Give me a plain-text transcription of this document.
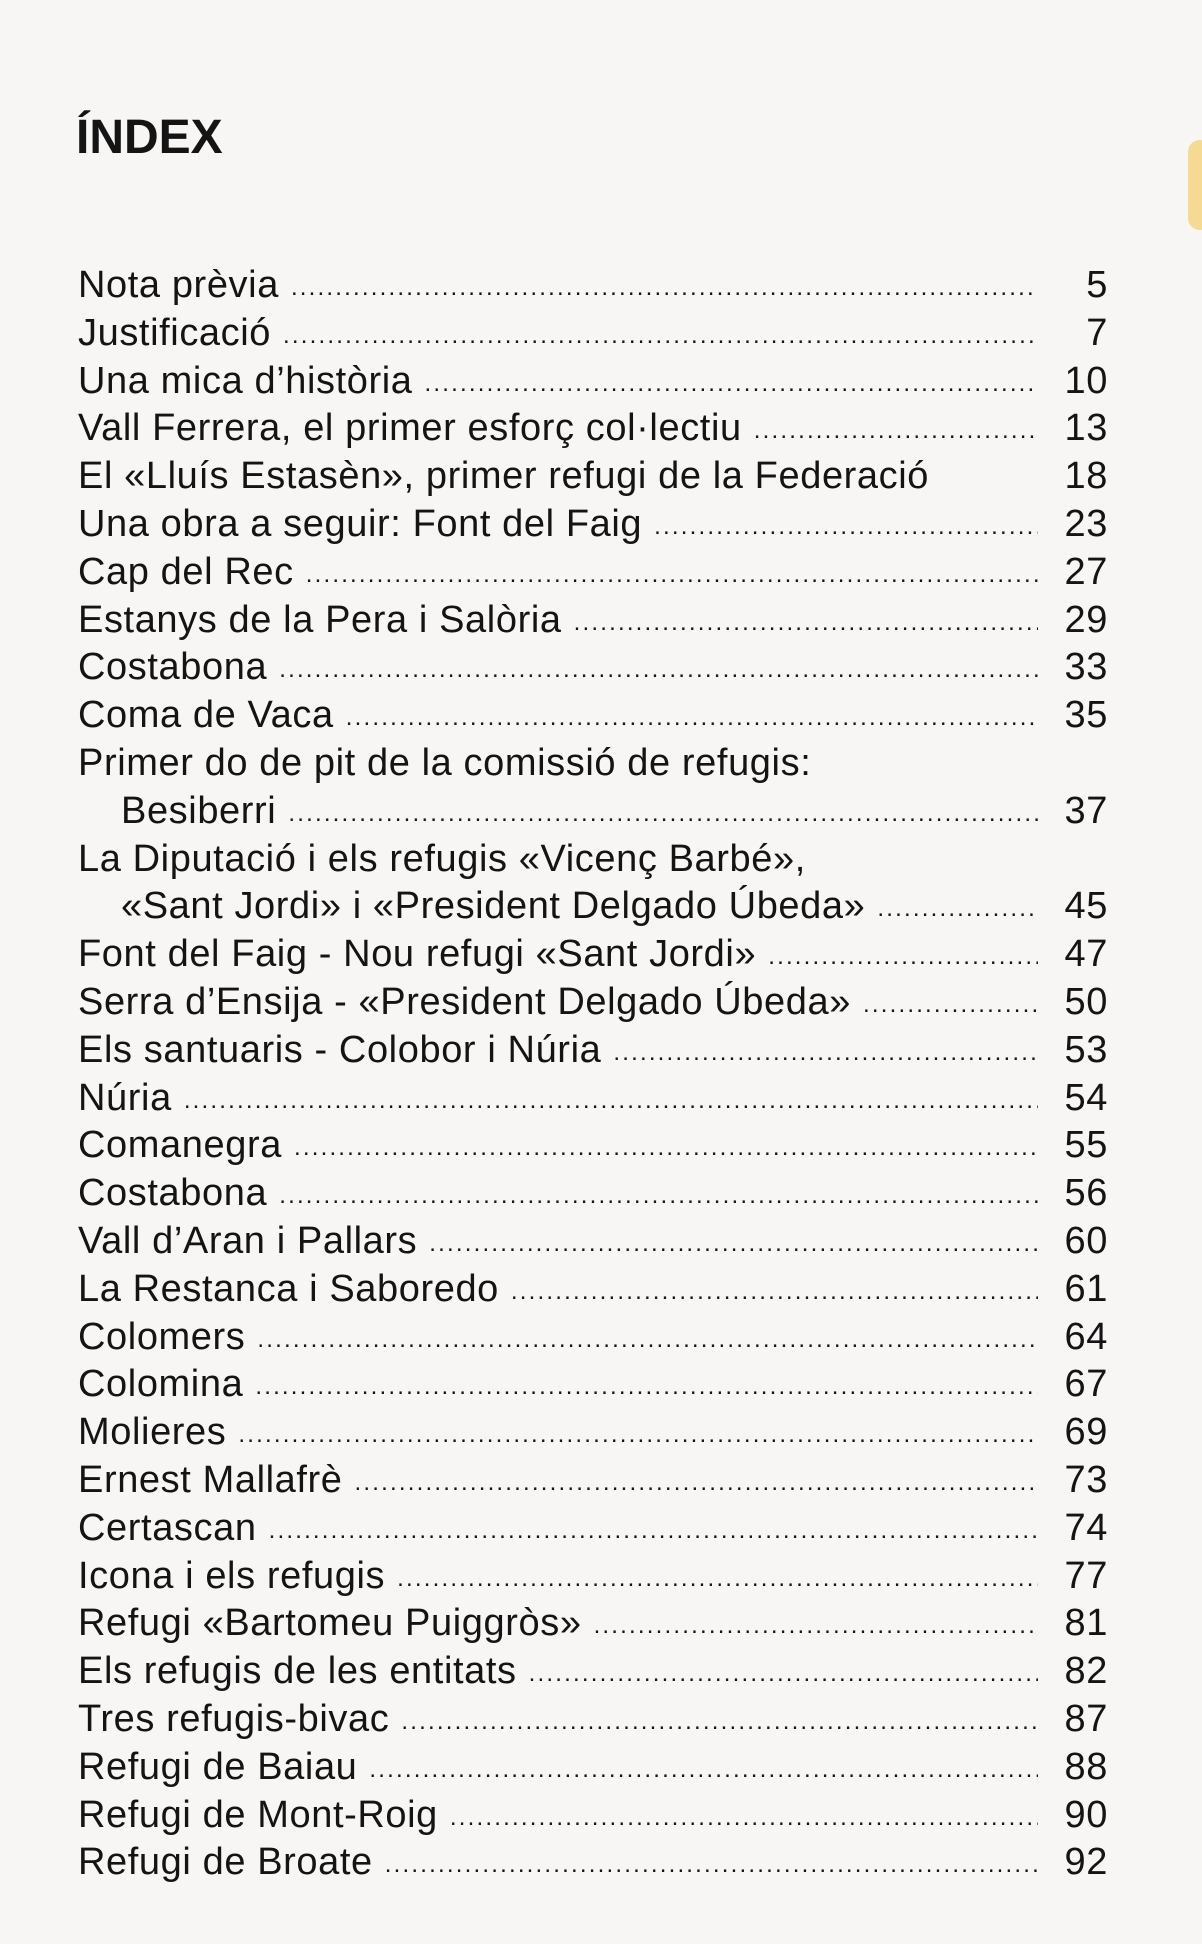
ÍNDEX
Nota prèvia .....	5
Justificació .....	7
Una mica d’història .....	10
Vall Ferrera, el primer esforç col·lectiu .....	13
El «Lluís Estasèn», primer refugi de la Federació	18
Una obra a seguir: Font del Faig .....	23
Cap del Rec .....	27
Estanys de la Pera i Salòria .....	29
Costabona .....	33
Coma de Vaca .....	35
Primer do de pit de la comissió de refugis:
Besiberri .....	37
La Diputació i els refugis «Vicenç Barbé»,
«Sant Jordi» i «President Delgado Úbeda» .....	45
Font del Faig - Nou refugi «Sant Jordi» .....	47
Serra d’Ensija - «President Delgado Úbeda» .....	50
Els santuaris - Colobor i Núria .....	53
Núria .....	54
Comanegra .....	55
Costabona .....	56
Vall d’Aran i Pallars .....	60
La Restanca i Saboredo .....	61
Colomers .....	64
Colomina .....	67
Molieres .....	69
Ernest Mallafrè .....	73
Certascan .....	74
Icona i els refugis .....	77
Refugi «Bartomeu Puiggròs» .....	81
Els refugis de les entitats .....	82
Tres refugis-bivac .....	87
Refugi de Baiau .....	88
Refugi de Mont-Roig .....	90
Refugi de Broate .....	92
